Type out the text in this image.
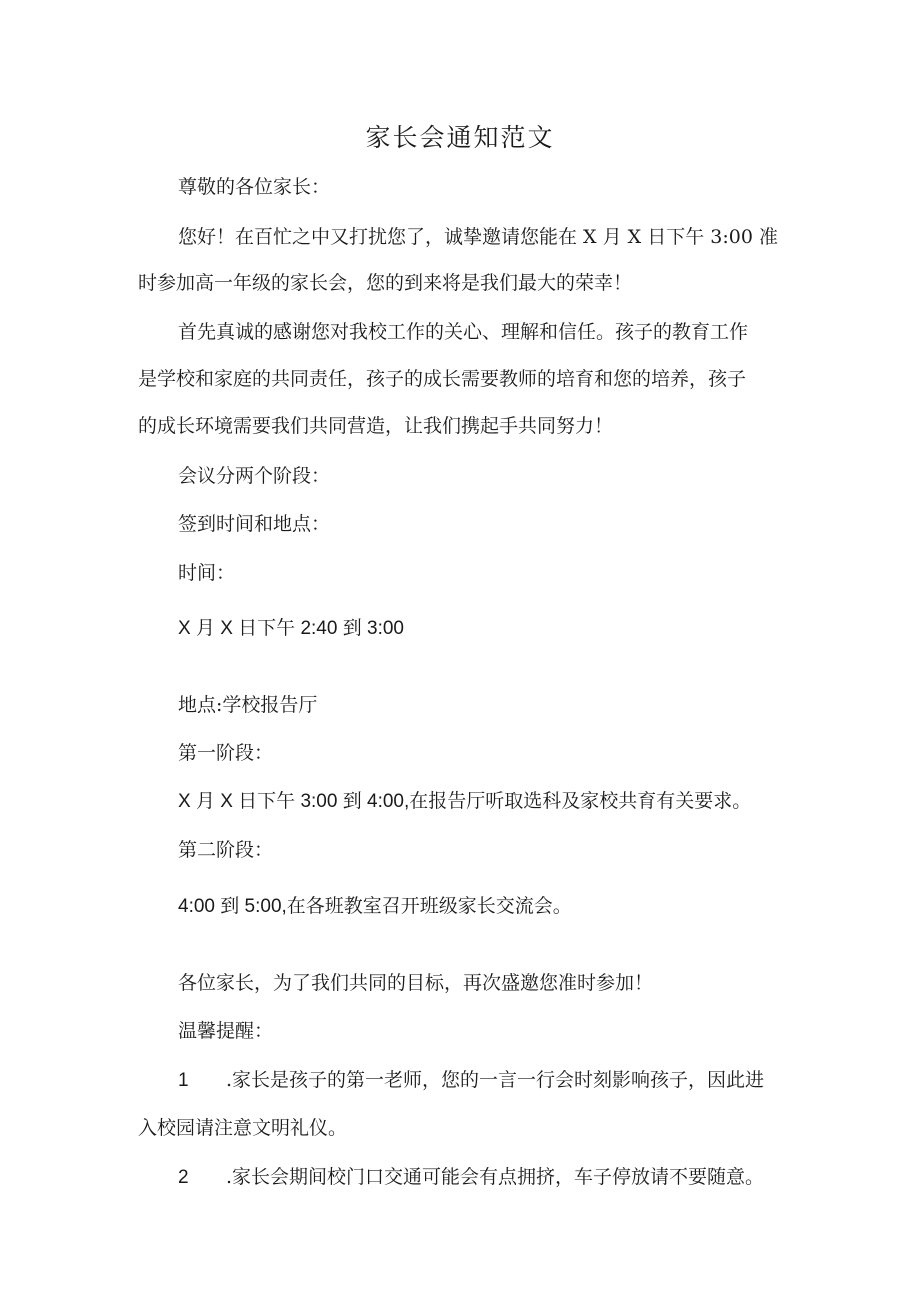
家长会通知范文
尊敬的各位家长：
您好！在百忙之中又打扰您了，诚挚邀请您能在 X 月 X 日下午 3:00 准
时参加高一年级的家长会，您的到来将是我们最大的荣幸！
首先真诚的感谢您对我校工作的关心、理解和信任。孩子的教育工作
是学校和家庭的共同责任，孩子的成长需要教师的培育和您的培养，孩子
的成长环境需要我们共同营造，让我们携起手共同努力！
会议分两个阶段：
签到时间和地点：
时间：
X 月 X 日下午 2:40 到 3:00
地点:学校报告厅
第一阶段：
X 月 X 日下午 3:00 到 4:00,在报告厅听取选科及家校共育有关要求。
第二阶段：
4:00 到 5:00,在各班教室召开班级家长交流会。
各位家长，为了我们共同的目标，再次盛邀您准时参加！
温馨提醒：
1 .家长是孩子的第一老师，您的一言一行会时刻影响孩子，因此进
入校园请注意文明礼仪。
2 .家长会期间校门口交通可能会有点拥挤，车子停放请不要随意。
